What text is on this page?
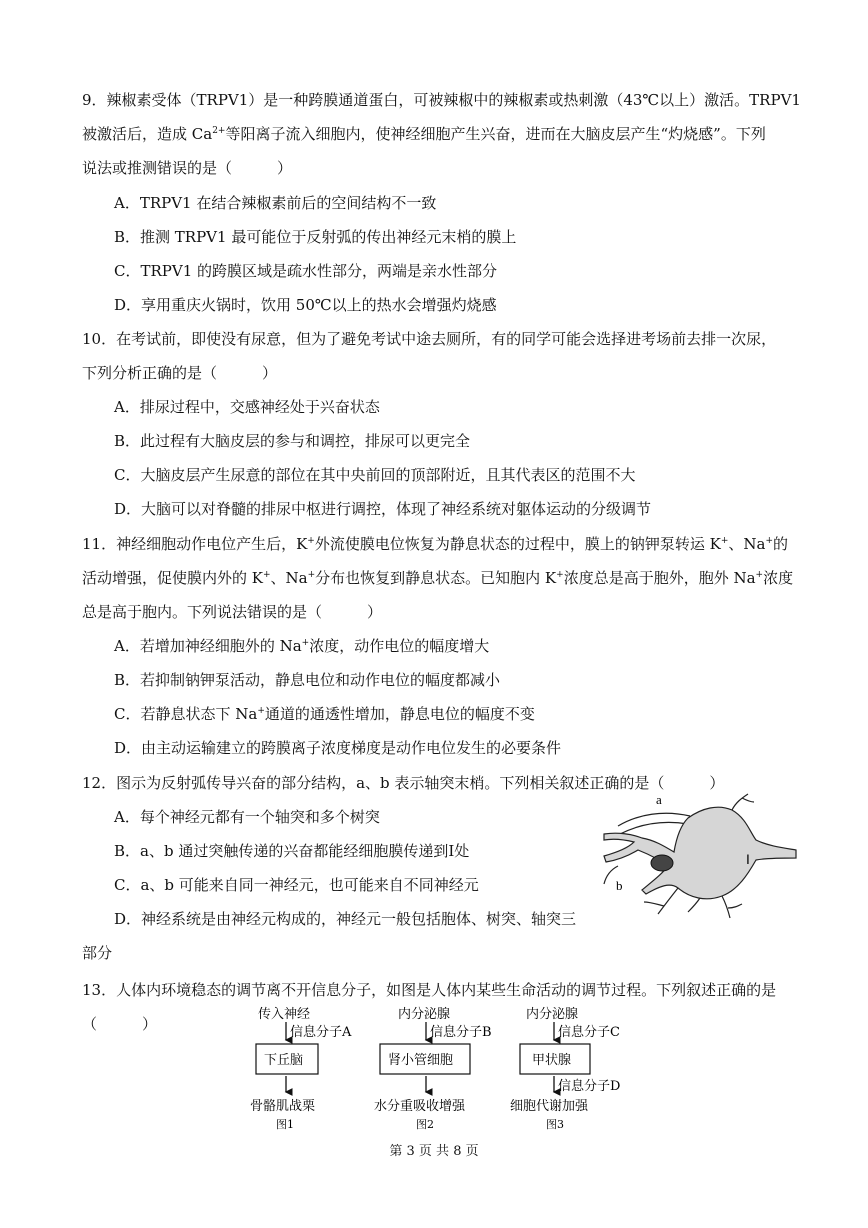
9．辣椒素受体（TRPV1）是一种跨膜通道蛋白，可被辣椒中的辣椒素或热刺激（43℃以上）激活。TRPV1
被激活后，造成 $Ca^{2+}$等阳离子流入细胞内，使神经细胞产生兴奋，进而在大脑皮层产生“灼烧感”。下列
说法或推测错误的是（　　　）
A．TRPV1 在结合辣椒素前后的空间结构不一致
B．推测 TRPV1 最可能位于反射弧的传出神经元末梢的膜上
C．TRPV1 的跨膜区域是疏水性部分，两端是亲水性部分
D．享用重庆火锅时，饮用 50℃以上的热水会增强灼烧感
10．在考试前，即使没有尿意，但为了避免考试中途去厕所，有的同学可能会选择进考场前去排一次尿，
下列分析正确的是（　　　）
A．排尿过程中，交感神经处于兴奋状态
B．此过程有大脑皮层的参与和调控，排尿可以更完全
C．大脑皮层产生尿意的部位在其中央前回的顶部附近，且其代表区的范围不大
D．大脑可以对脊髓的排尿中枢进行调控，体现了神经系统对躯体运动的分级调节
11．神经细胞动作电位产生后，K+外流使膜电位恢复为静息状态的过程中，膜上的钠钾泵转运 K+、Na+的
活动增强，促使膜内外的 K+、Na+分布也恢复到静息状态。已知胞内 K+浓度总是高于胞外，胞外 Na+浓度
总是高于胞内。下列说法错误的是（　　　）
A．若增加神经细胞外的 Na+浓度，动作电位的幅度增大
B．若抑制钠钾泵活动，静息电位和动作电位的幅度都减小
C．若静息状态下 Na+通道的通透性增加，静息电位的幅度不变
D．由主动运输建立的跨膜离子浓度梯度是动作电位发生的必要条件
12．图示为反射弧传导兴奋的部分结构，a、b 表示轴突末梢。下列相关叙述正确的是（　　　）
A．每个神经元都有一个轴突和多个树突
B．a、b 通过突触传递的兴奋都能经细胞膜传递到Ⅰ处
C．a、b 可能来自同一神经元，也可能来自不同神经元
D．神经系统是由神经元构成的，神经元一般包括胞体、树突、轴突三
部分
a
b
Ⅰ
13．人体内环境稳态的调节离不开信息分子，如图是人体内某些生命活动的调节过程。下列叙述正确的是
（　　　）
传入神经
信息分子A
下丘脑
骨骼肌战栗
图1
内分泌腺
信息分子B
肾小管细胞
水分重吸收增强
图2
内分泌腺
信息分子C
甲状腺
信息分子D
细胞代谢加强
图3
第 3 页 共 8 页
